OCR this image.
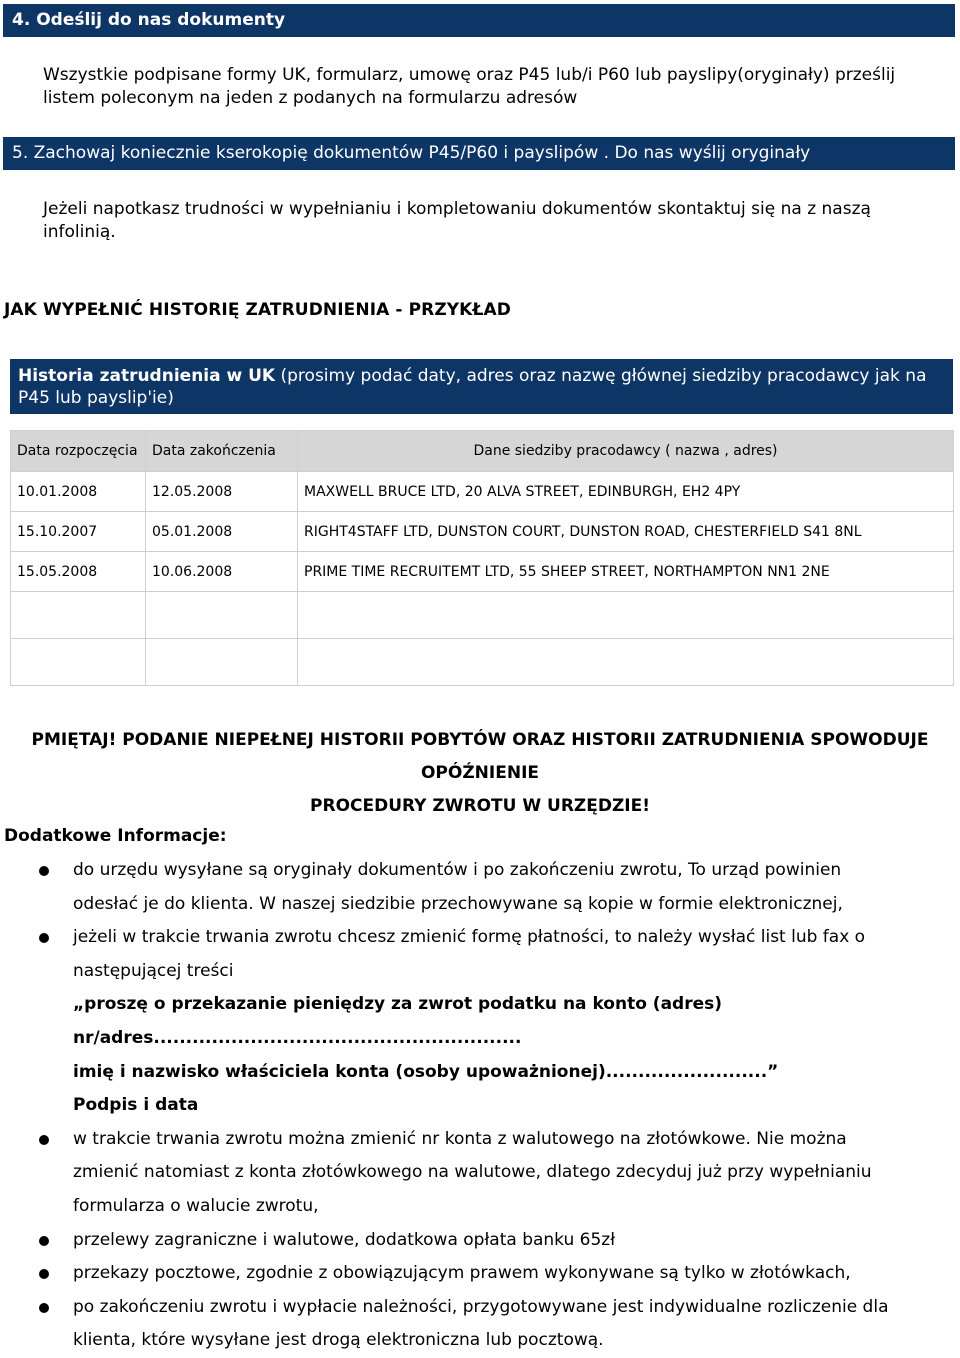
4. Odeślij do nas dokumenty
Wszystkie podpisane formy UK, formularz, umowę oraz P45 lub/i P60 lub payslipy(oryginały) prześlij listem poleconym na jeden z podanych na formularzu adresów
5. Zachowaj koniecznie kserokopię dokumentów P45/P60 i payslipów . Do nas wyślij oryginały
Jeżeli napotkasz trudności w wypełnianiu i kompletowaniu dokumentów skontaktuj się na z naszą infolinią.
JAK WYPEŁNIĆ HISTORIĘ ZATRUDNIENIA - PRZYKŁAD
Historia zatrudnienia w UK (prosimy podać daty, adres oraz nazwę głównej siedziby pracodawcy jak na P45 lub payslip'ie)
Data rozpoczęcia	Data zakończenia	Dane siedziby pracodawcy ( nazwa , adres)
10.01.2008	12.05.2008	MAXWELL BRUCE LTD, 20 ALVA STREET, EDINBURGH, EH2 4PY
15.10.2007	05.01.2008	RIGHT4STAFF LTD, DUNSTON COURT, DUNSTON ROAD, CHESTERFIELD S41 8NL
15.05.2008	10.06.2008	PRIME TIME RECRUITEMT LTD, 55 SHEEP STREET, NORTHAMPTON NN1 2NE

PMIĘTAJ! PODANIE NIEPEŁNEJ HISTORII POBYTÓW ORAZ HISTORII ZATRUDNIENIA SPOWODUJE OPÓŹNIENIE
PROCEDURY ZWROTU W URZĘDZIE!
Dodatkowe Informacje:
do urzędu wysyłane są oryginały dokumentów i po zakończeniu zwrotu, To urząd powinien odesłać je do klienta. W naszej siedzibie przechowywane są kopie w formie elektronicznej,
jeżeli w trakcie trwania zwrotu chcesz zmienić formę płatności, to należy wysłać list lub fax o następującej treści
„proszę o przekazanie pieniędzy za zwrot podatku na konto (adres) nr/adres.........................................................
imię i nazwisko właściciela konta (osoby upoważnionej).........................”
Podpis i data
w trakcie trwania zwrotu można zmienić nr konta z walutowego na złotówkowe. Nie można zmienić natomiast z konta złotówkowego na walutowe, dlatego zdecyduj już przy wypełnianiu formularza o walucie zwrotu,
przelewy zagraniczne i walutowe, dodatkowa opłata banku 65zł
przekazy pocztowe, zgodnie z obowiązującym prawem wykonywane są tylko w złotówkach,
po zakończeniu zwrotu i wypłacie należności, przygotowywane jest indywidualne rozliczenie dla klienta, które wysyłane jest drogą elektroniczna lub pocztową.
